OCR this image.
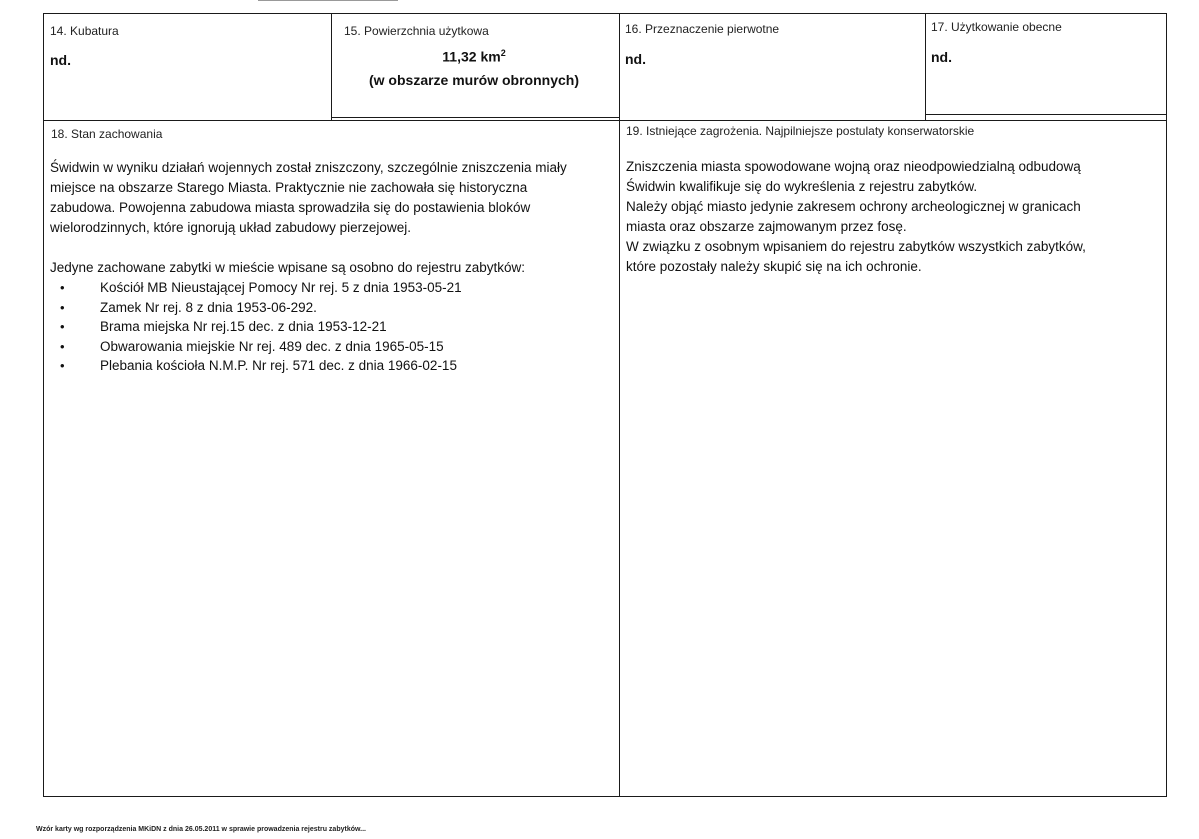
14. Kubatura
nd.
15. Powierzchnia użytkowa
11,32 $km^2$
(w obszarze murów obronnych)
16. Przeznaczenie pierwotne
nd.
17. Użytkowanie obecne
nd.
18. Stan zachowania

Świdwin w wyniku działań wojennych został zniszczony, szczególnie zniszczenia miały

miejsce na obszarze Starego Miasta. Praktycznie nie zachowała się historyczna

zabudowa. Powojenna zabudowa miasta sprowadziła się do postawienia bloków

wielorodzinnych, które ignorują układ zabudowy pierzejowej.

Jedyne zachowane zabytki w mieście wpisane są osobno do rejestru zabytków:
•	Kościół MB Nieustającej Pomocy Nr rej. 5 z dnia 1953-05-21
•	Zamek Nr rej. 8 z dnia 1953-06-292.
•	Brama miejska Nr rej.15 dec. z dnia 1953-12-21
•	Obwarowania miejskie Nr rej. 489 dec. z dnia 1965-05-15
•	Plebania kościoła N.M.P. Nr rej. 571 dec. z dnia 1966-02-15
19. Istniejące zagrożenia. Najpilniejsze postulaty konserwatorskie

Zniszczenia miasta spowodowane wojną oraz nieodpowiedzialną odbudową

Świdwin kwalifikuje się do wykreślenia z rejestru zabytków.

Należy objąć miasto jedynie zakresem ochrony archeologicznej w granicach

miasta oraz obszarze zajmowanym przez fosę.

W związku z osobnym wpisaniem do rejestru zabytków wszystkich zabytków,

które pozostały należy skupić się na ich ochronie.

Wzór karty wg rozporządzenia MKiDN z dnia 26.05.2011 w sprawie prowadzenia rejestru zabytków...
